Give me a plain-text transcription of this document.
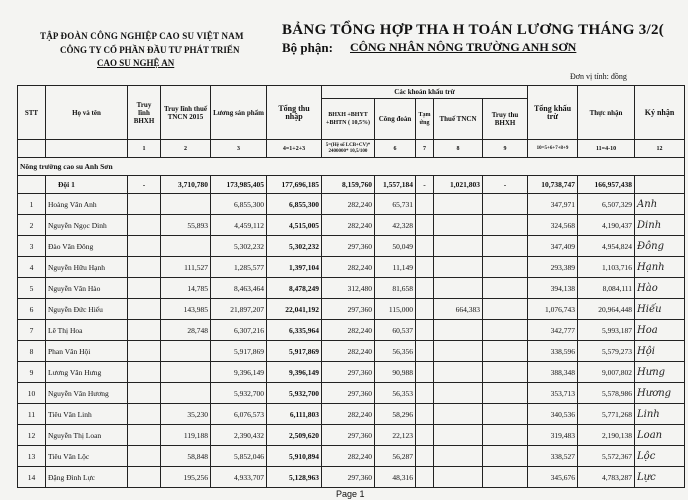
TẬP ĐOÀN CÔNG NGHIỆP CAO SU VIỆT NAM
CÔNG TY CỔ PHẦN ĐẦU TƯ PHÁT TRIỂN
CAO SU NGHỆ AN
BẢNG TỔNG HỢP THA H TOÁN LƯƠNG THÁNG 3/2(
Bộ phận: CÔNG NHÂN NÔNG TRƯỜNG ANH SƠN
Đơn vị tính: đồng
STT	Họ và tên	Truy lĩnh BHXH	Truy lĩnh thuế TNCN 2015	Lương sản phẩm	Tổng thu nhập	Các khoản khấu trừ					Tổng khấu trừ	Thực nhận	Ký nhận
						BHXH +BHYT +BHTN ( 10,5%)	Công đoàn	Tạm ứng	Thuế TNCN	Truy thu BHXH			
		1	2	3	4=1+2+3	5=(Hệ số LCB+CV)* 2400000* 10,5/100	6	7	8	9	10=5+6+7+8+9	11=4-10	12
Nông trường cao su Anh Sơn													
	Đội 1	-	3,710,780	173,985,405	177,696,185	8,159,760	1,557,184	-	1,021,803	-	10,738,747	166,957,438	
1	Hoàng Văn Anh			6,855,300	6,855,300	282,240	65,731				347,971	6,507,329	Anh
2	Nguyễn Ngọc Dinh		55,893	4,459,112	4,515,005	282,240	42,328				324,568	4,190,437	Dinh
3	Đào Văn Đông			5,302,232	5,302,232	297,360	50,049				347,409	4,954,824	Đông
4	Nguyễn Hữu Hạnh		111,527	1,285,577	1,397,104	282,240	11,149				293,389	1,103,716	Hạnh
5	Nguyễn Văn Hào		14,785	8,463,464	8,478,249	312,480	81,658				394,138	8,084,111	Hào
6	Nguyễn Đức Hiếu		143,985	21,897,207	22,041,192	297,360	115,000		664,383		1,076,743	20,964,448	Hiếu
7	Lê Thị Hoa		28,748	6,307,216	6,335,964	282,240	60,537				342,777	5,993,187	Hoa
8	Phan Văn Hội			5,917,869	5,917,869	282,240	56,356				338,596	5,579,273	Hội
9	Lương Văn Hưng			9,396,149	9,396,149	297,360	90,988				388,348	9,007,802	Hưng
10	Nguyễn Văn Hương			5,932,700	5,932,700	297,360	56,353				353,713	5,578,986	Hương
11	Tiêu Văn Linh		35,230	6,076,573	6,111,803	282,240	58,296				340,536	5,771,268	Linh
12	Nguyễn Thị Loan		119,188	2,390,432	2,509,620	297,360	22,123				319,483	2,190,138	Loan
13	Tiêu Văn Lộc		58,848	5,852,046	5,910,894	282,240	56,287				338,527	5,572,367	Lộc
14	Đặng Đình Lực		195,256	4,933,707	5,128,963	297,360	48,316				345,676	4,783,287	Lực
Page 1
